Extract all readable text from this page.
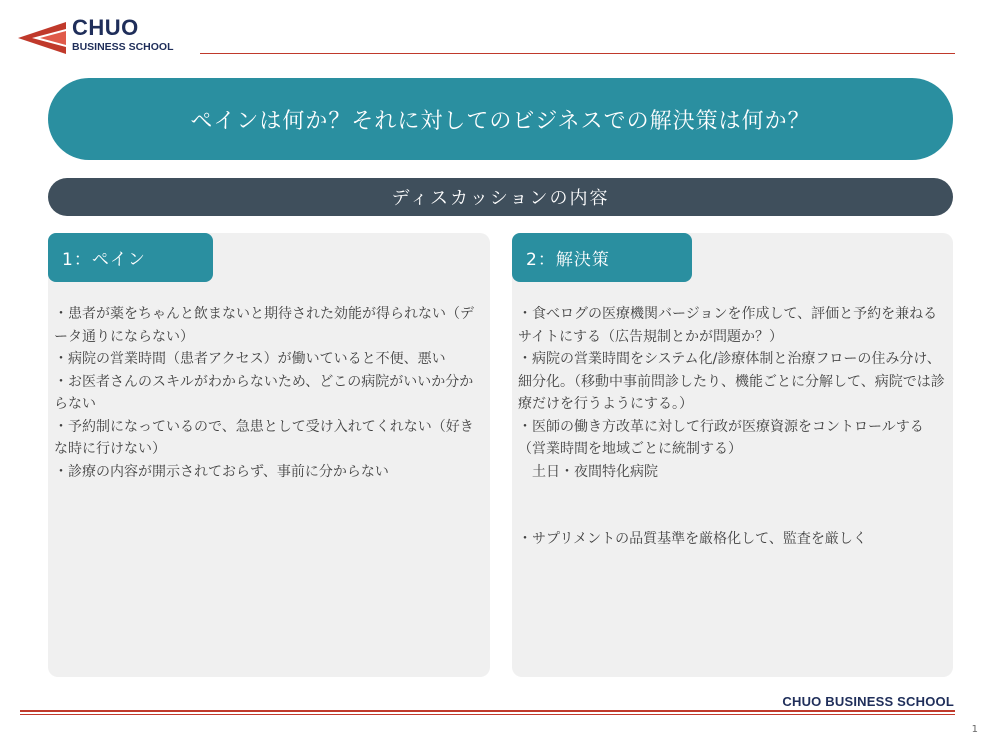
CHUO
BUSINESS SCHOOL
ペインは何か？それに対してのビジネスでの解決策は何か？
ディスカッションの内容
1：ペイン

・患者が薬をちゃんと飲まないと期待された効能が得られない（データ通りにならない）

・病院の営業時間（患者アクセス）が働いていると不便、悪い

・お医者さんのスキルがわからないため、どこの病院がいいか分からない

・予約制になっているので、急患として受け入れてくれない（好きな時に行けない）

・診療の内容が開示されておらず、事前に分からない

2：解決策

・食べログの医療機関バージョンを作成して、評価と予約を兼ねるサイトにする（広告規制とかが問題か？）

・病院の営業時間をシステム化/診療体制と治療フローの住み分け、細分化。（移動中事前問診したり、機能ごとに分解して、病院では診療だけを行うようにする。）

・医師の働き方改革に対して行政が医療資源をコントロールする（営業時間を地域ごとに統制する）

　土日・夜間特化病院

・サプリメントの品質基準を厳格化して、監査を厳しく

CHUO BUSINESS SCHOOL
1
